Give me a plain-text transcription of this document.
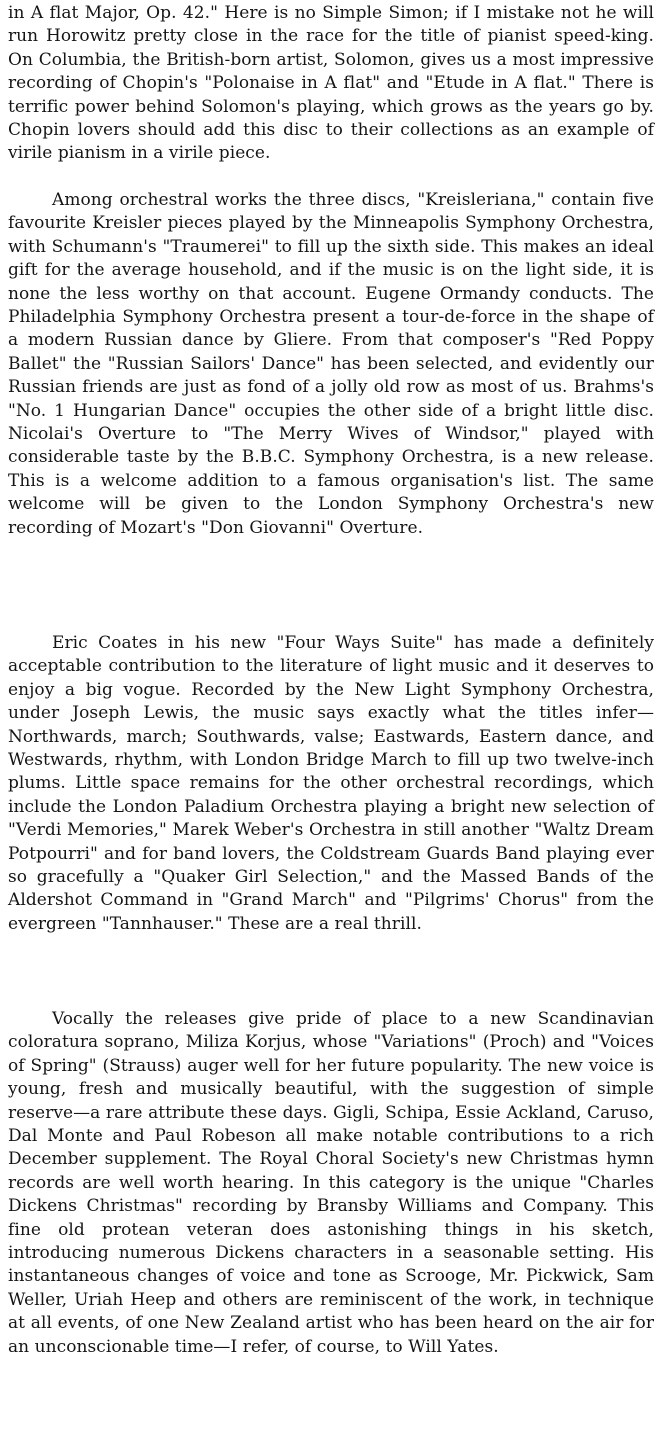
in A flat Major, Op. 42." Here is no Simple Simon; if I mistake not he will run Horowitz pretty close in the race for the title of pianist speed-king. On Columbia, the British-born artist, Solomon, gives us a most impressive recording of Chopin's "Polonaise in A flat" and "Etude in A flat." There is terrific power behind Solomon's playing, which grows as the years go by. Chopin lovers should add this disc to their collections as an example of virile pianism in a virile piece.

Among orchestral works the three discs, "Kreisleriana," contain five favourite Kreisler pieces played by the Minneapolis Symphony Orchestra, with Schumann's "Traumerei" to fill up the sixth side. This makes an ideal gift for the average household, and if the music is on the light side, it is none the less worthy on that account. Eugene Ormandy conducts. The Philadelphia Symphony Orchestra present a tour-de-force in the shape of a modern Russian dance by Gliere. From that composer's "Red Poppy Ballet" the "Russian Sailors' Dance" has been selected, and evidently our Russian friends are just as fond of a jolly old row as most of us. Brahms's "No. 1 Hungarian Dance" occupies the other side of a bright little disc. Nicolai's Overture to "The Merry Wives of Windsor," played with considerable taste by the B.B.C. Symphony Orchestra, is a new release. This is a welcome addition to a famous organisation's list. The same welcome will be given to the London Symphony Orchestra's new recording of Mozart's "Don Giovanni" Overture.

Eric Coates in his new "Four Ways Suite" has made a definitely acceptable contribution to the literature of light music and it deserves to enjoy a big vogue. Recorded by the New Light Symphony Orchestra, under Joseph Lewis, the music says exactly what the titles infer—Northwards, march; Southwards, valse; Eastwards, Eastern dance, and Westwards, rhythm, with London Bridge March to fill up two twelve-inch plums. Little space remains for the other orchestral recordings, which include the London Paladium Orchestra playing a bright new selection of "Verdi Memories," Marek Weber's Orchestra in still another "Waltz Dream Potpourri" and for band lovers, the Coldstream Guards Band playing ever so gracefully a "Quaker Girl Selection," and the Massed Bands of the Aldershot Command in "Grand March" and "Pilgrims' Chorus" from the evergreen "Tannhauser." These are a real thrill.

Vocally the releases give pride of place to a new Scandinavian coloratura soprano, Miliza Korjus, whose "Variations" (Proch) and "Voices of Spring" (Strauss) auger well for her future popularity. The new voice is young, fresh and musically beautiful, with the suggestion of simple reserve—a rare attribute these days. Gigli, Schipa, Essie Ackland, Caruso, Dal Monte and Paul Robeson all make notable contributions to a rich December supplement. The Royal Choral Society's new Christmas hymn records are well worth hearing. In this category is the unique "Charles Dickens Christmas" recording by Bransby Williams and Company. This fine old protean veteran does astonishing things in his sketch, introducing numerous Dickens characters in a seasonable setting. His instantaneous changes of voice and tone as Scrooge, Mr. Pickwick, Sam Weller, Uriah Heep and others are reminiscent of the work, in technique at all events, of one New Zealand artist who has been heard on the air for an unconscionable time—I refer, of course, to Will Yates.
